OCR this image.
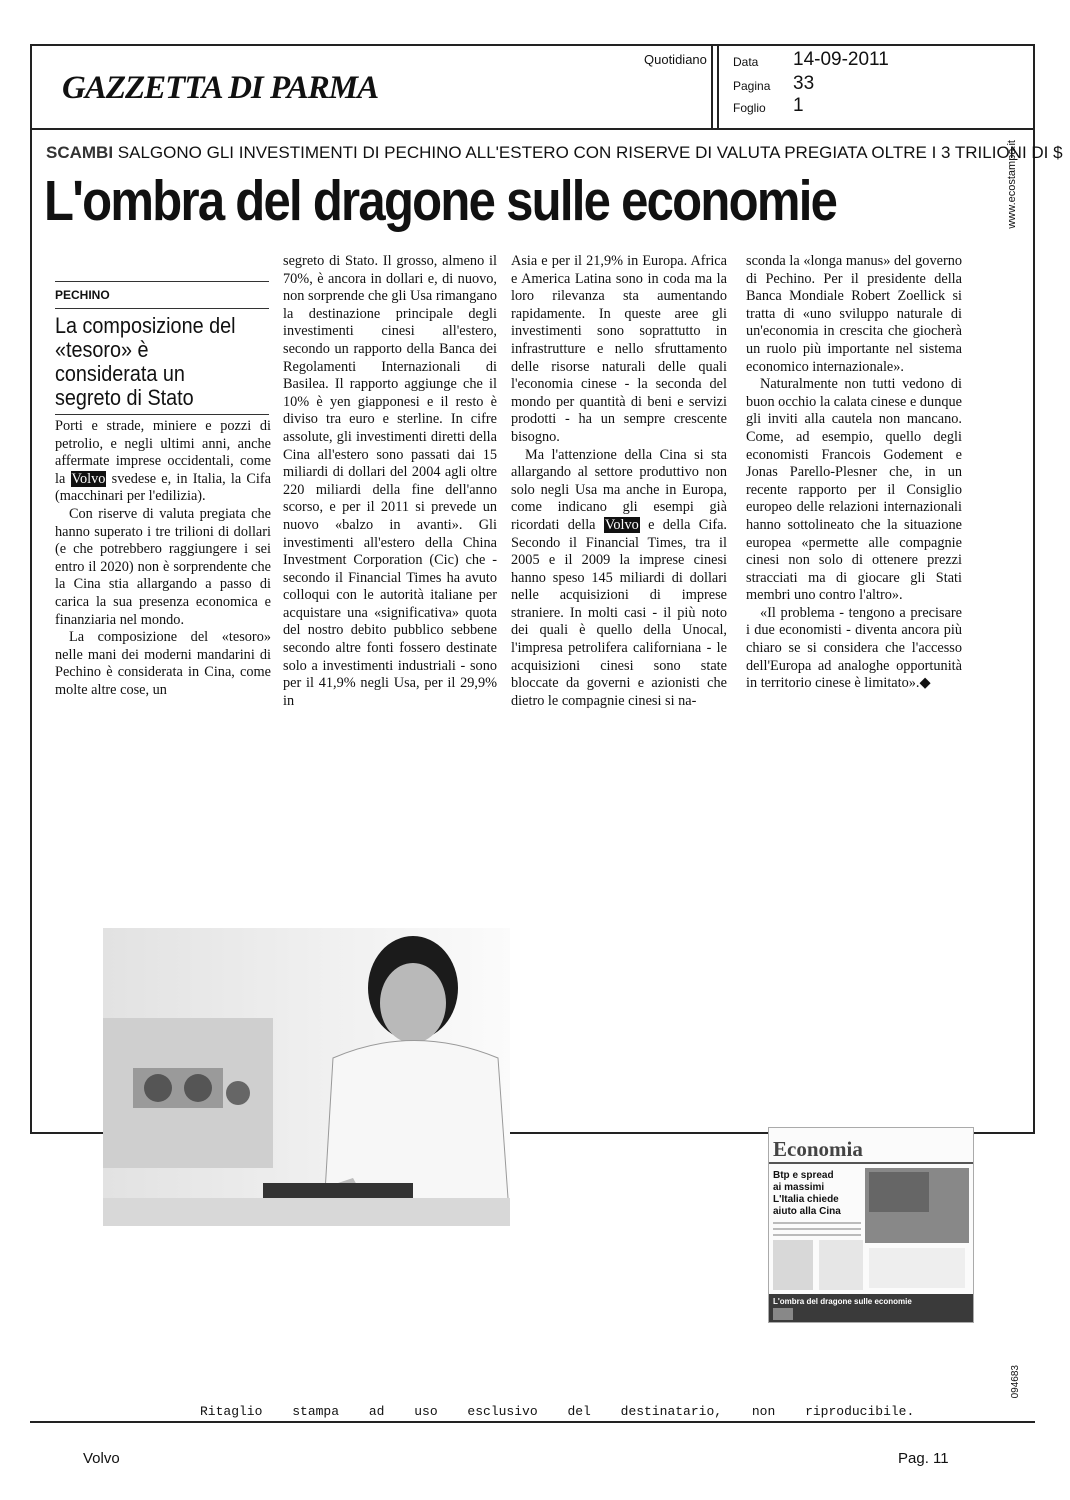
GAZZETTA DI PARMA
Quotidiano Data 14-09-2011
Pagina 33
Foglio 1
SCAMBI SALGONO GLI INVESTIMENTI DI PECHINO ALL'ESTERO CON RISERVE DI VALUTA PREGIATA OLTRE I 3 TRILIONI DI $
L'ombra del dragone sulle economie	www.ecostampa.it
094683
PECHINO
La composizione del «tesoro» è considerata un segreto di Stato

Porti e strade, miniere e pozzi di petrolio, e negli ultimi anni, anche affermate imprese occidentali, come la Volvo svedese e, in Italia, la Cifa (macchinari per l'edilizia).

Con riserve di valuta pregiata che hanno superato i tre trilioni di dollari (e che potrebbero raggiungere i sei entro il 2020) non è sorprendente che la Cina stia allargando a passo di carica la sua presenza economica e finanziaria nel mondo.

La composizione del «tesoro» nelle mani dei moderni mandarini di Pechino è considerata in Cina, come molte altre cose, un

segreto di Stato. Il grosso, almeno il 70%, è ancora in dollari e, di nuovo, non sorprende che gli Usa rimangano la destinazione principale degli investimenti cinesi all'estero, secondo un rapporto della Banca dei Regolamenti Internazionali di Basilea. Il rapporto aggiunge che il 10% è yen giapponesi e il resto è diviso tra euro e sterline. In cifre assolute, gli investimenti diretti della Cina all'estero sono passati dai 15 miliardi di dollari del 2004 agli oltre 220 miliardi della fine dell'anno scorso, e per il 2011 si prevede un nuovo «balzo in avanti». Gli investimenti all'estero della China Investment Corporation (Cic) che - secondo il Financial Times ha avuto colloqui con le autorità italiane per acquistare una «significativa» quota del nostro debito pubblico sebbene secondo altre fonti fossero destinate solo a investimenti industriali - sono per il 41,9% negli Usa, per il 29,9% in

Asia e per il 21,9% in Europa. Africa e America Latina sono in coda ma la loro rilevanza sta aumentando rapidamente. In queste aree gli investimenti sono soprattutto in infrastrutture e nello sfruttamento delle risorse naturali delle quali l'economia cinese - la seconda del mondo per quantità di beni e servizi prodotti - ha un sempre crescente bisogno.

Ma l'attenzione della Cina si sta allargando al settore produttivo non solo negli Usa ma anche in Europa, come indicano gli esempi già ricordati della Volvo e della Cifa. Secondo il Financial Times, tra il 2005 e il 2009 la imprese cinesi hanno speso 145 miliardi di dollari nelle acquisizioni di imprese straniere. In molti casi - il più noto dei quali è quello della Unocal, l'impresa petrolifera californiana - le acquisizioni cinesi sono state bloccate da governi e azionisti che dietro le compagnie cinesi si na-

sconda la «longa manus» del governo di Pechino. Per il presidente della Banca Mondiale Robert Zoellick si tratta di «uno sviluppo naturale di un'economia in crescita che giocherà un ruolo più importante nel sistema economico internazionale».

Naturalmente non tutti vedono di buon occhio la calata cinese e dunque gli inviti alla cautela non mancano. Come, ad esempio, quello degli economisti Francois Godement e Jonas Parello-Plesner che, in un recente rapporto per il Consiglio europeo delle relazioni internazionali hanno sottolineato che la situazione europea «permette alle compagnie cinesi non solo di ottenere prezzi stracciati ma di giocare gli Stati membri uno contro l'altro».

«Il problema - tengono a precisare i due economisti - diventa ancora più chiaro se si considera che l'accesso dell'Europa ad analoghe opportunità in territorio cinese è limitato».◆

Economia
Btp e spread ai massimi L'Italia chiede aiuto alla Cina
L'ombra del dragone sulle economie
Ritaglio stampa ad uso esclusivo del destinatario, non riproducibile.
Volvo	Pag. 11
